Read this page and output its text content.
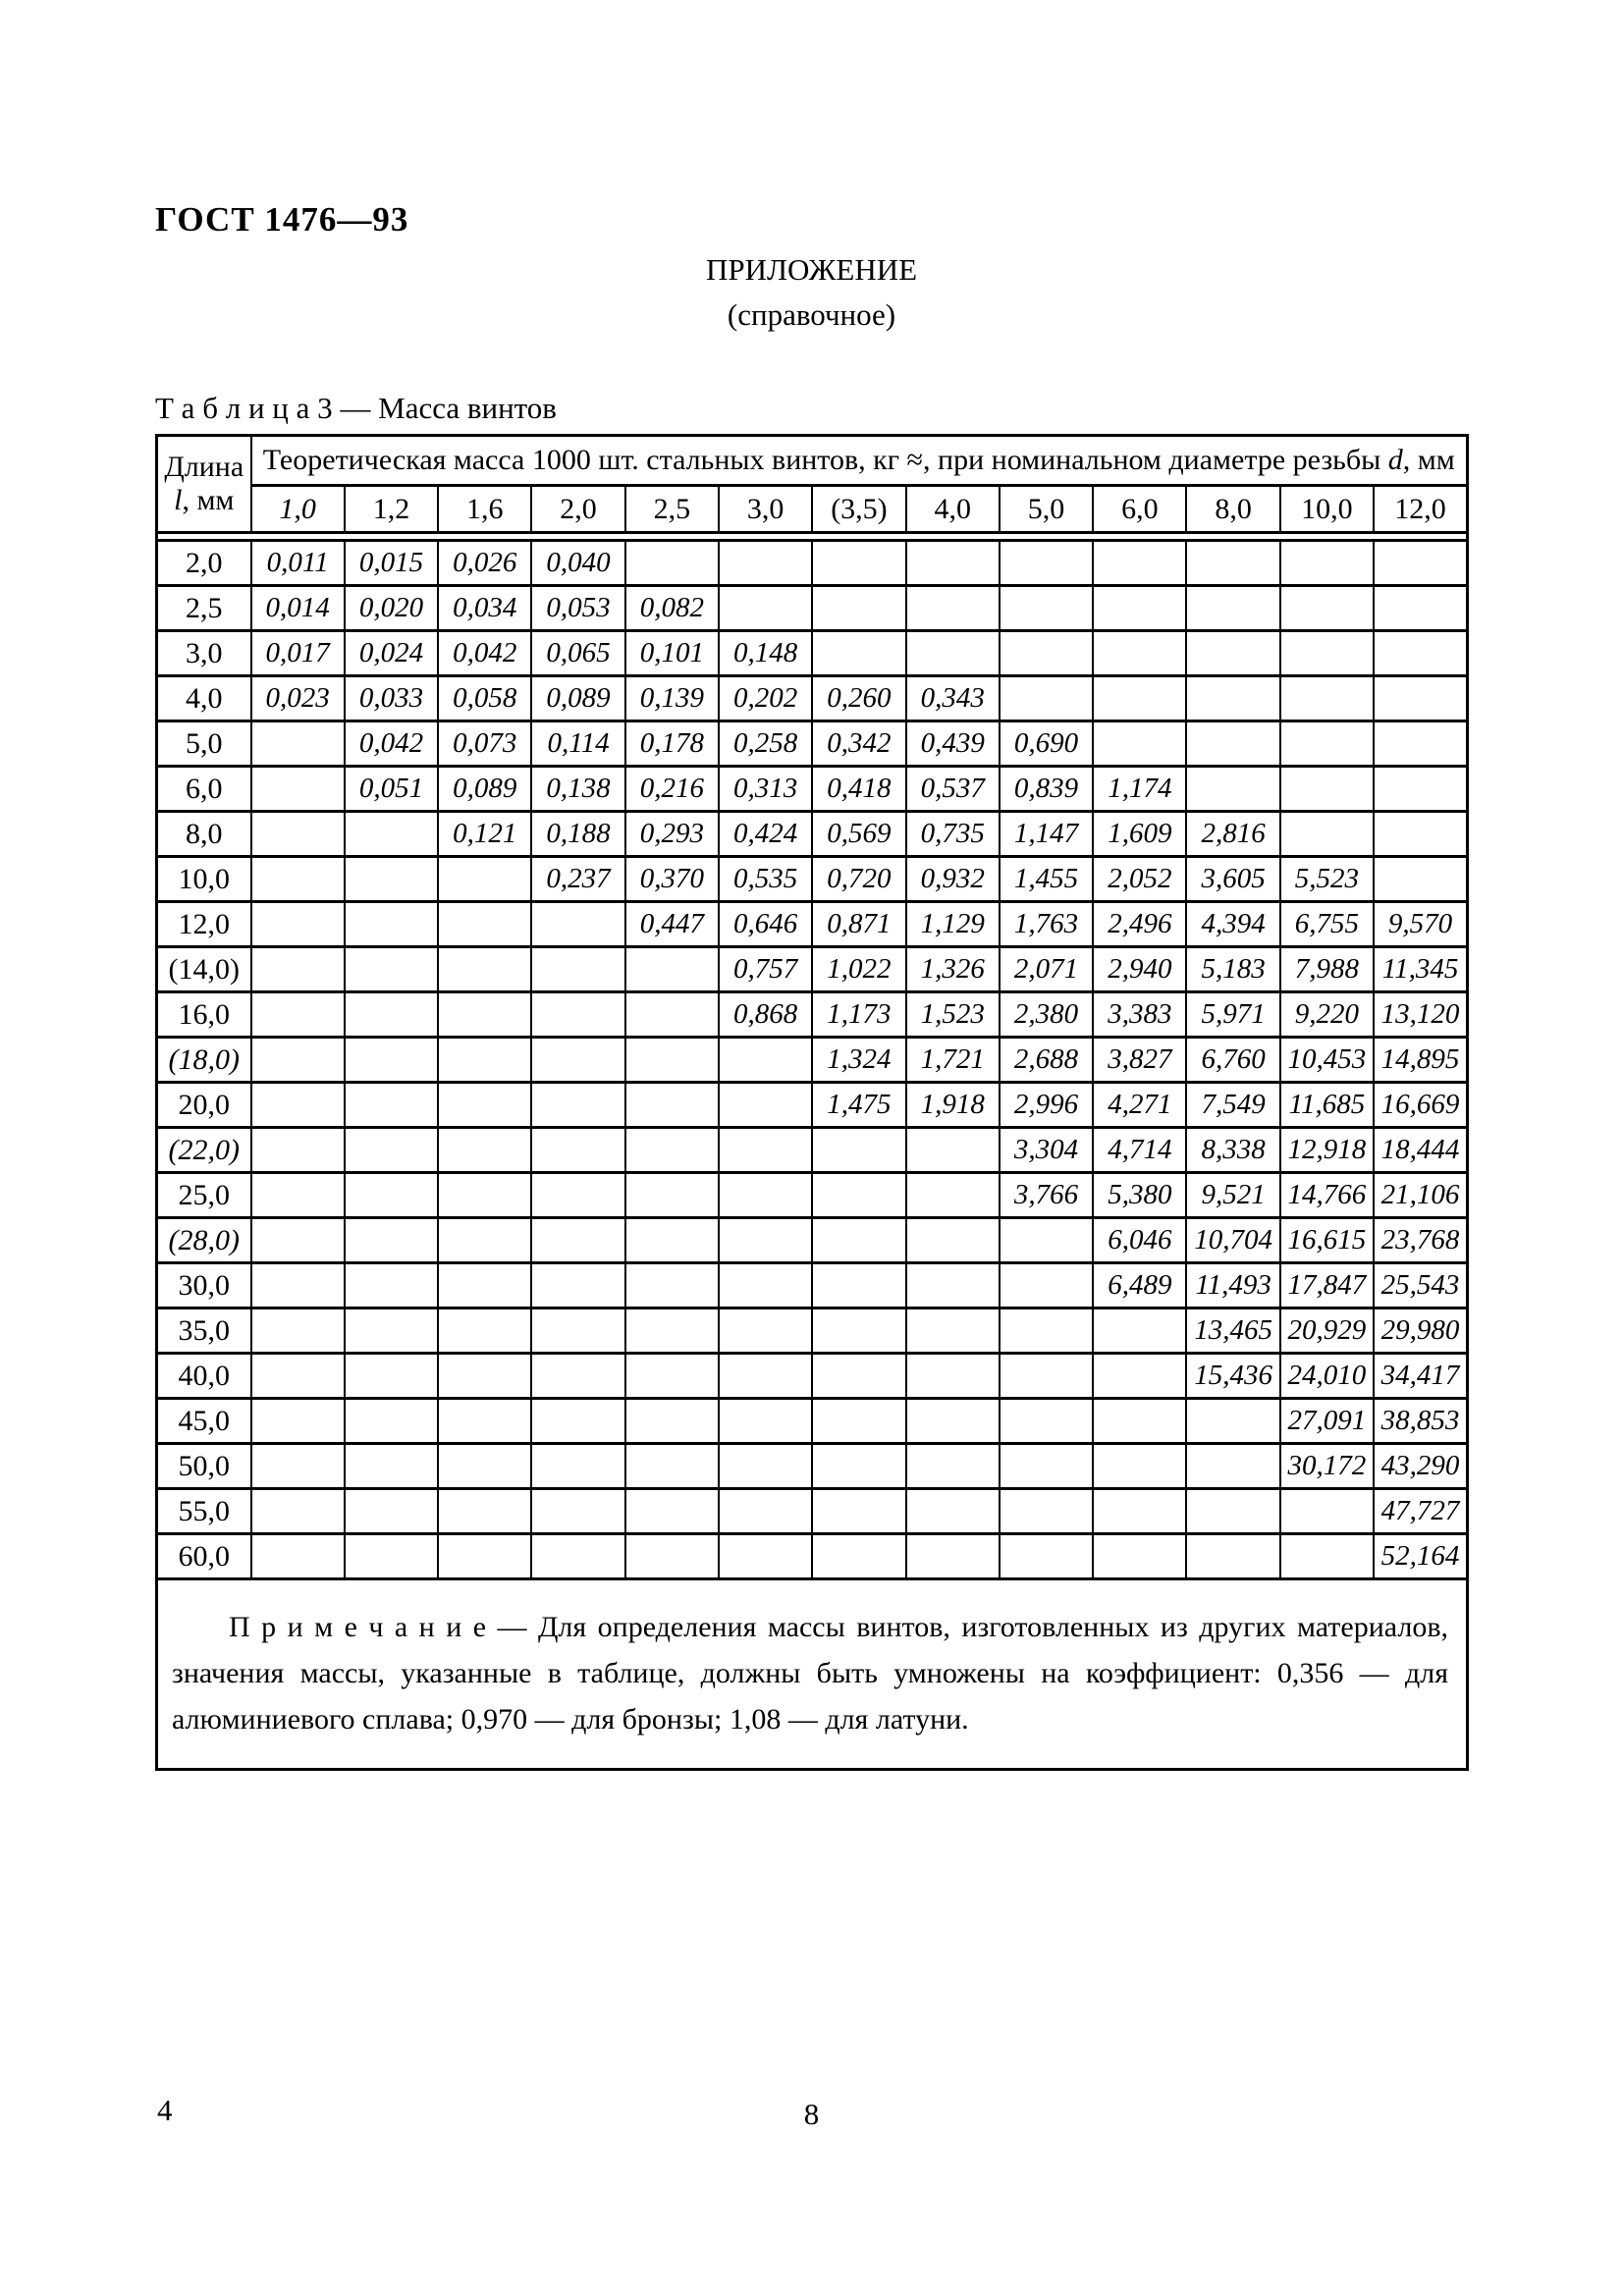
ГОСТ 1476—93
ПРИЛОЖЕНИЕ
(справочное)
Т а б л и ц а 3 — Масса винтов
Длина
l, мм	Теоретическая масса 1000 шт. стальных винтов, кг ≈, при номинальном диаметре резьбы d, мм												
	1,0	1,2	1,6	2,0	2,5	3,0	(3,5)	4,0	5,0	6,0	8,0	10,0	12,0

2,0	0,011	0,015	0,026	0,040									
2,5	0,014	0,020	0,034	0,053	0,082								
3,0	0,017	0,024	0,042	0,065	0,101	0,148							
4,0	0,023	0,033	0,058	0,089	0,139	0,202	0,260	0,343					
5,0		0,042	0,073	0,114	0,178	0,258	0,342	0,439	0,690				
6,0		0,051	0,089	0,138	0,216	0,313	0,418	0,537	0,839	1,174			
8,0			0,121	0,188	0,293	0,424	0,569	0,735	1,147	1,609	2,816		
10,0				0,237	0,370	0,535	0,720	0,932	1,455	2,052	3,605	5,523	
12,0					0,447	0,646	0,871	1,129	1,763	2,496	4,394	6,755	9,570
(14,0)						0,757	1,022	1,326	2,071	2,940	5,183	7,988	11,345
16,0						0,868	1,173	1,523	2,380	3,383	5,971	9,220	13,120
(18,0)							1,324	1,721	2,688	3,827	6,760	10,453	14,895
20,0							1,475	1,918	2,996	4,271	7,549	11,685	16,669
(22,0)									3,304	4,714	8,338	12,918	18,444
25,0									3,766	5,380	9,521	14,766	21,106
(28,0)										6,046	10,704	16,615	23,768
30,0										6,489	11,493	17,847	25,543
35,0											13,465	20,929	29,980
40,0											15,436	24,010	34,417
45,0												27,091	38,853
50,0												30,172	43,290
55,0													47,727
60,0													52,164

П р и м е ч а н и е — Для определения массы винтов, изготовленных из других материалов, значения массы, указанные в таблице, должны быть умножены на коэффициент: 0,356 — для алюминиевого сплава; 0,970 — для бронзы; 1,08 — для латуни.													

4	8
